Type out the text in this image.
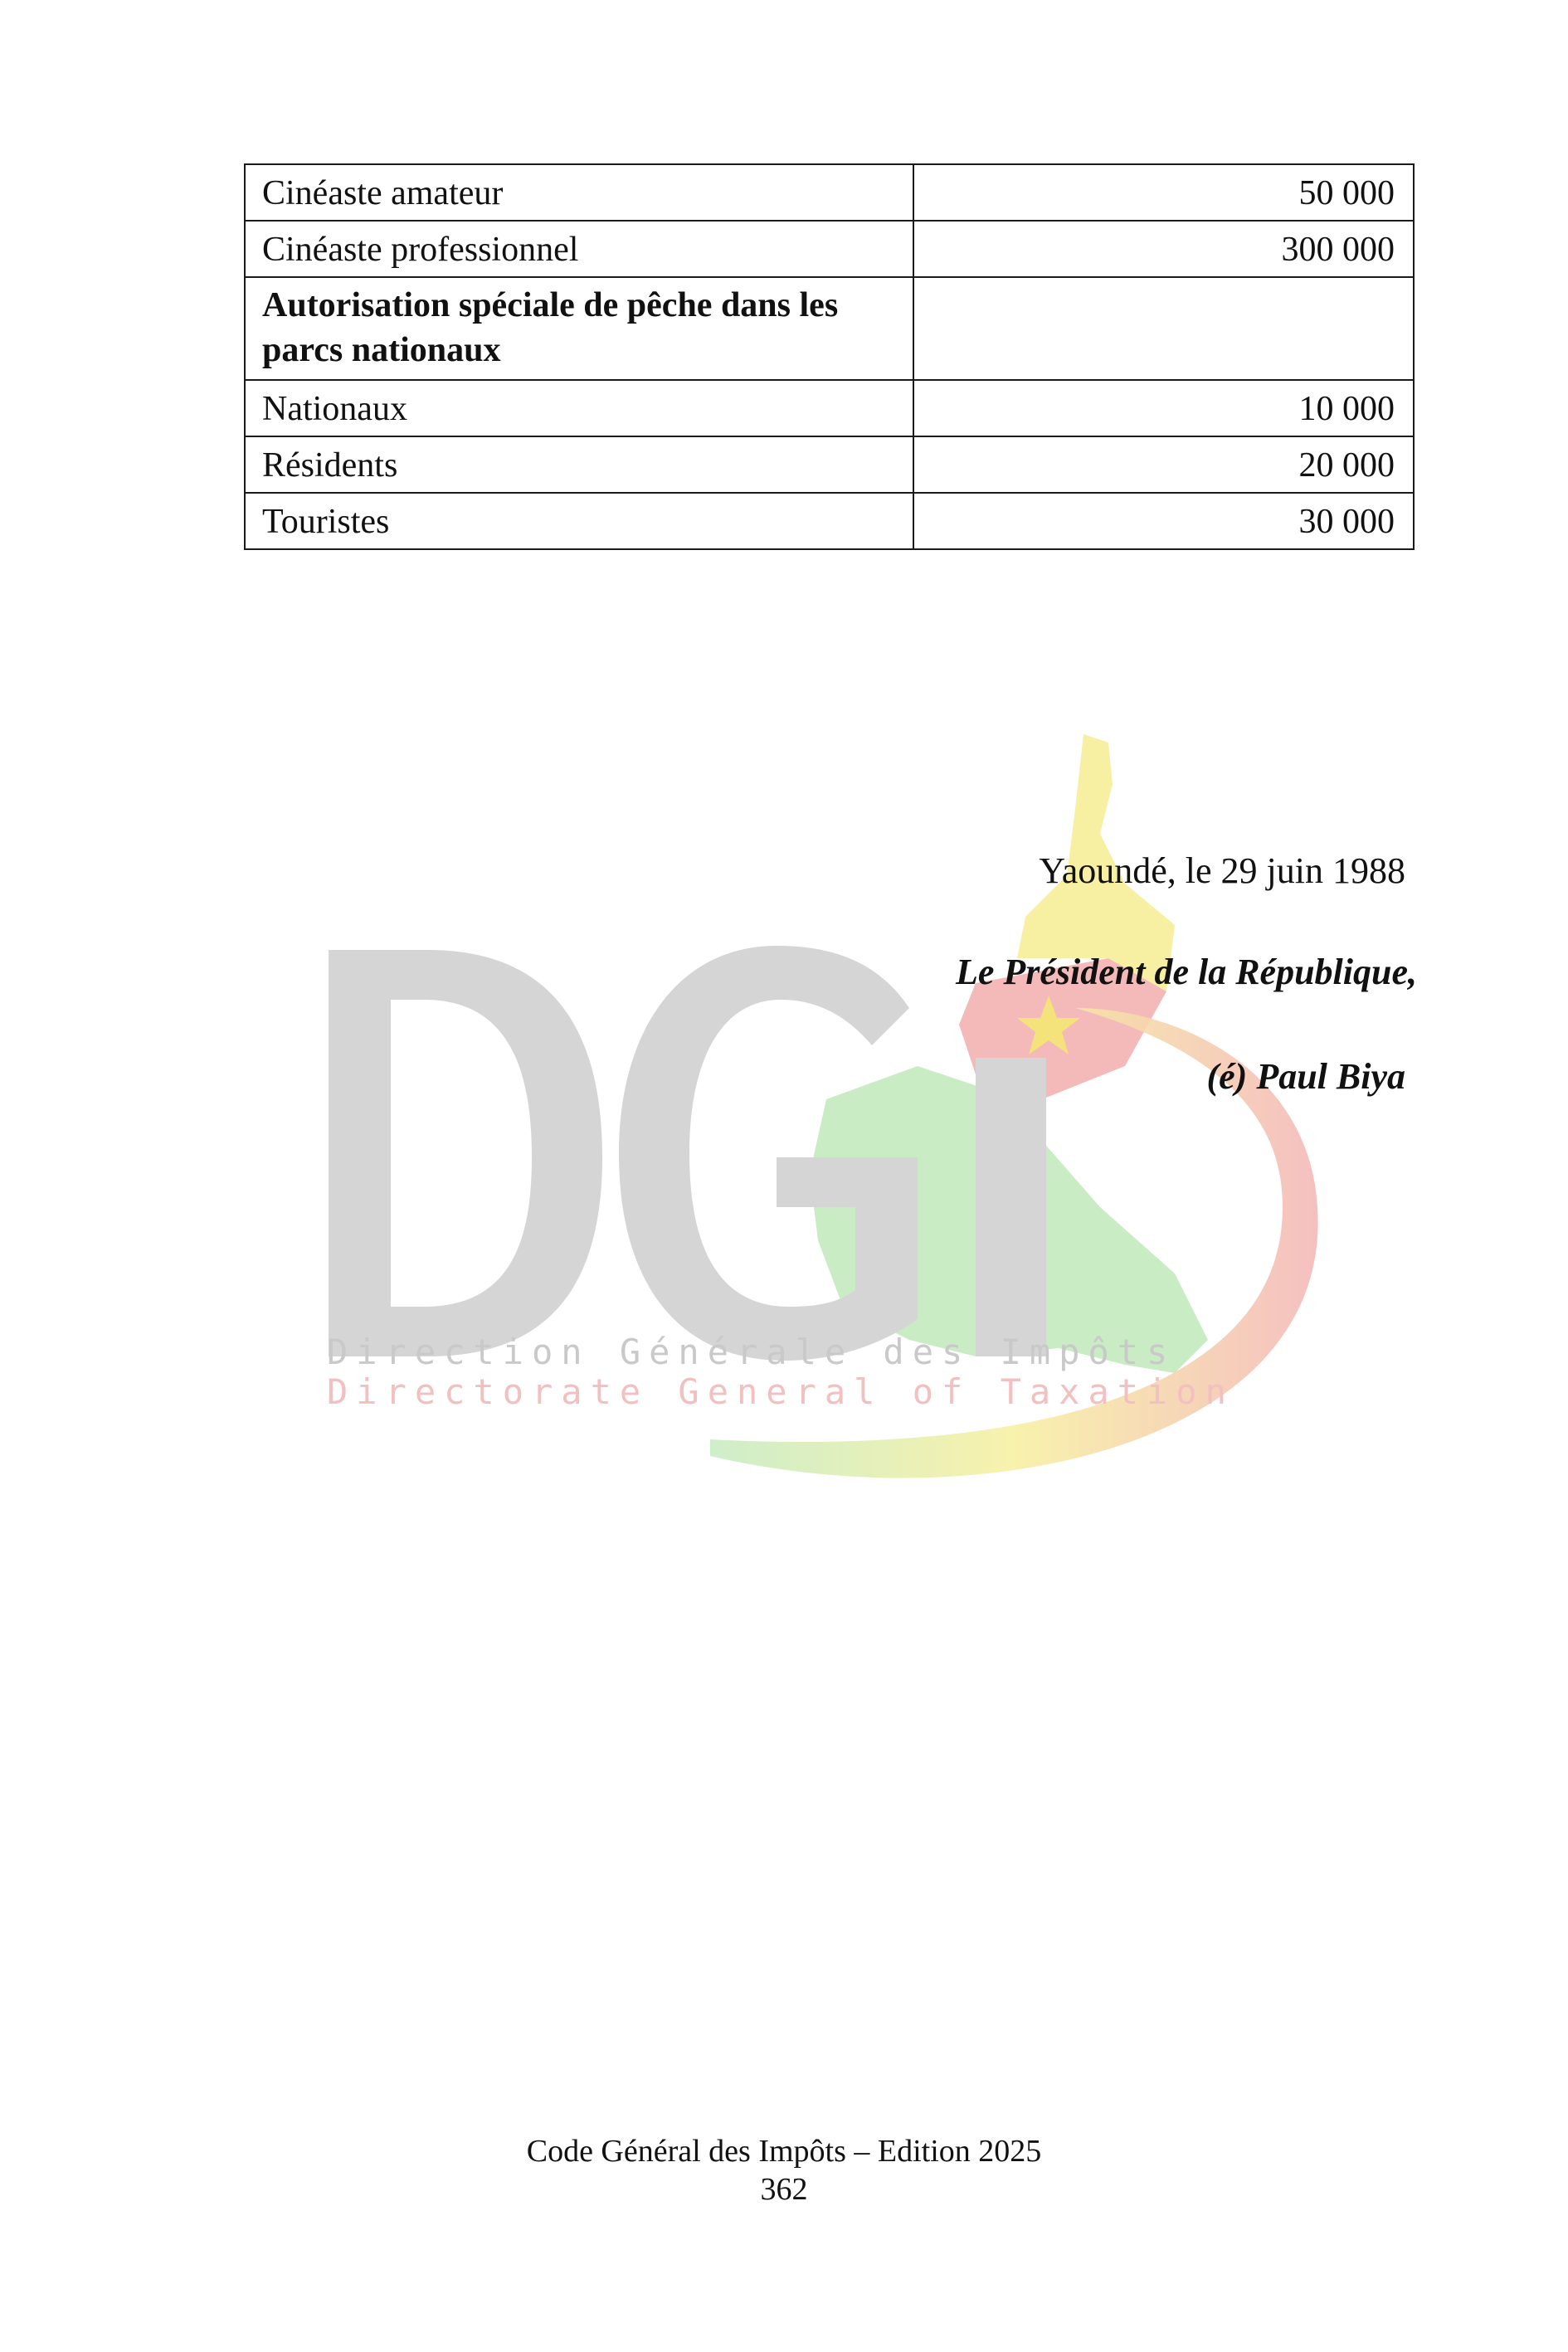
Cinéaste amateur	50 000
Cinéaste professionnel	300 000
Autorisation spéciale de pêche dans les parcs nationaux	
Nationaux	10 000
Résidents	20 000
Touristes	30 000
Direction Générale des Impôts
Directorate General of Taxation

Yaoundé, le 29 juin 1988

Le Président de la République,

(é) Paul Biya

Code Général des Impôts – Edition 2025
362
